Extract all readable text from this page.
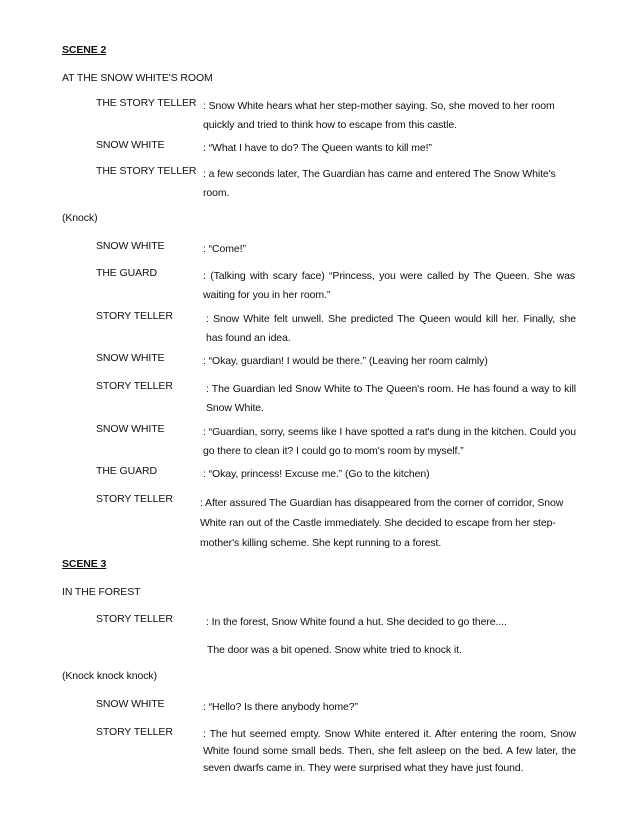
SCENE 2
AT THE SNOW WHITE'S ROOM
THE STORY TELLER : Snow White hears what her step-mother saying. So, she moved to her room quickly and tried to think how to escape from this castle.
SNOW WHITE	: “What I have to do? The Queen wants to kill me!”
THE STORY TELLER : a few seconds later, The Guardian has came and entered The Snow White's room.
(Knock)
SNOW WHITE	: “Come!”
THE GUARD	: (Talking with scary face) “Princess, you were called by The Queen. She was waiting for you in her room.”
STORY TELLER	: Snow White felt unwell. She predicted The Queen would kill her. Finally, she has found an idea.
SNOW WHITE	: “Okay, guardian! I would be there.” (Leaving her room calmly)
STORY TELLER	: The Guardian led Snow White to The Queen's room. He has found a way to kill Snow White.
SNOW WHITE	: “Guardian, sorry, seems like I have spotted a rat's dung in the kitchen. Could you go there to clean it? I could go to mom's room by myself.”
THE GUARD	: “Okay, princess! Excuse me.” (Go to the kitchen)
STORY TELLER	: After assured The Guardian has disappeared from the corner of corridor, Snow White ran out of the Castle immediately. She decided to escape from her step-mother's killing scheme. She kept running to a forest.
SCENE 3
IN THE FOREST
STORY TELLER	: In the forest, Snow White found a hut. She decided to go there....
The door was a bit opened. Snow white tried to knock it.
(Knock knock knock)
SNOW WHITE	: “Hello? Is there anybody home?”
STORY TELLER	: The hut seemed empty. Snow White entered it. After entering the room, Snow White found some small beds. Then, she felt asleep on the bed. A few later, the seven dwarfs came in. They were surprised what they have just found.
